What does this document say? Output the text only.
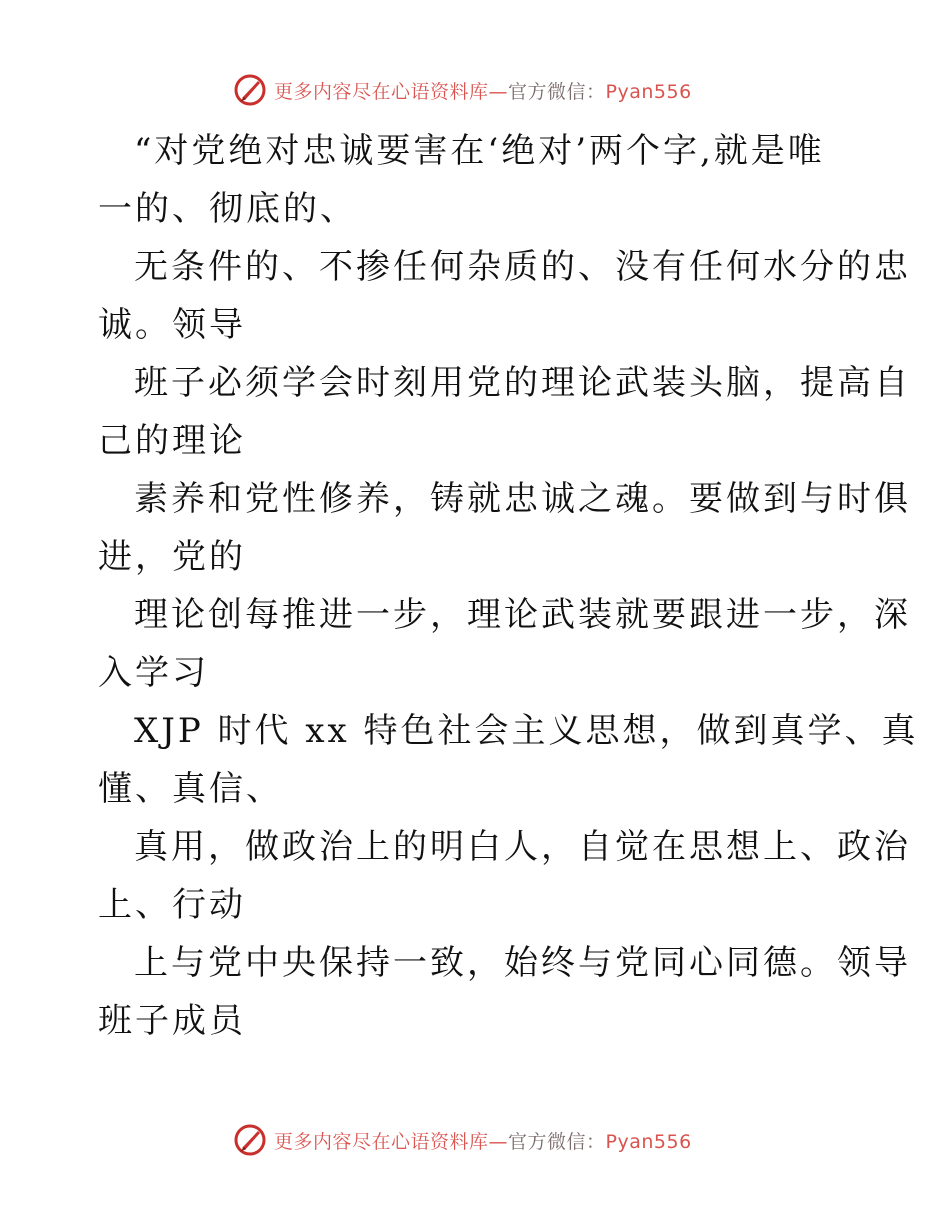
更多内容尽在心语资料库—官方微信：Pyan556
“对党绝对忠诚要害在‘绝对’两个字,就是唯
一的、彻底的、
无条件的、不掺任何杂质的、没有任何水分的忠
诚。领导
班子必须学会时刻用党的理论武装头脑，提高自
己的理论
素养和党性修养，铸就忠诚之魂。要做到与时俱
进，党的
理论创每推进一步，理论武装就要跟进一步，深
入学习
XJP 时代 xx 特色社会主义思想，做到真学、真
懂、真信、
真用，做政治上的明白人，自觉在思想上、政治
上、行动
上与党中央保持一致，始终与党同心同德。领导
班子成员
更多内容尽在心语资料库—官方微信：Pyan556
